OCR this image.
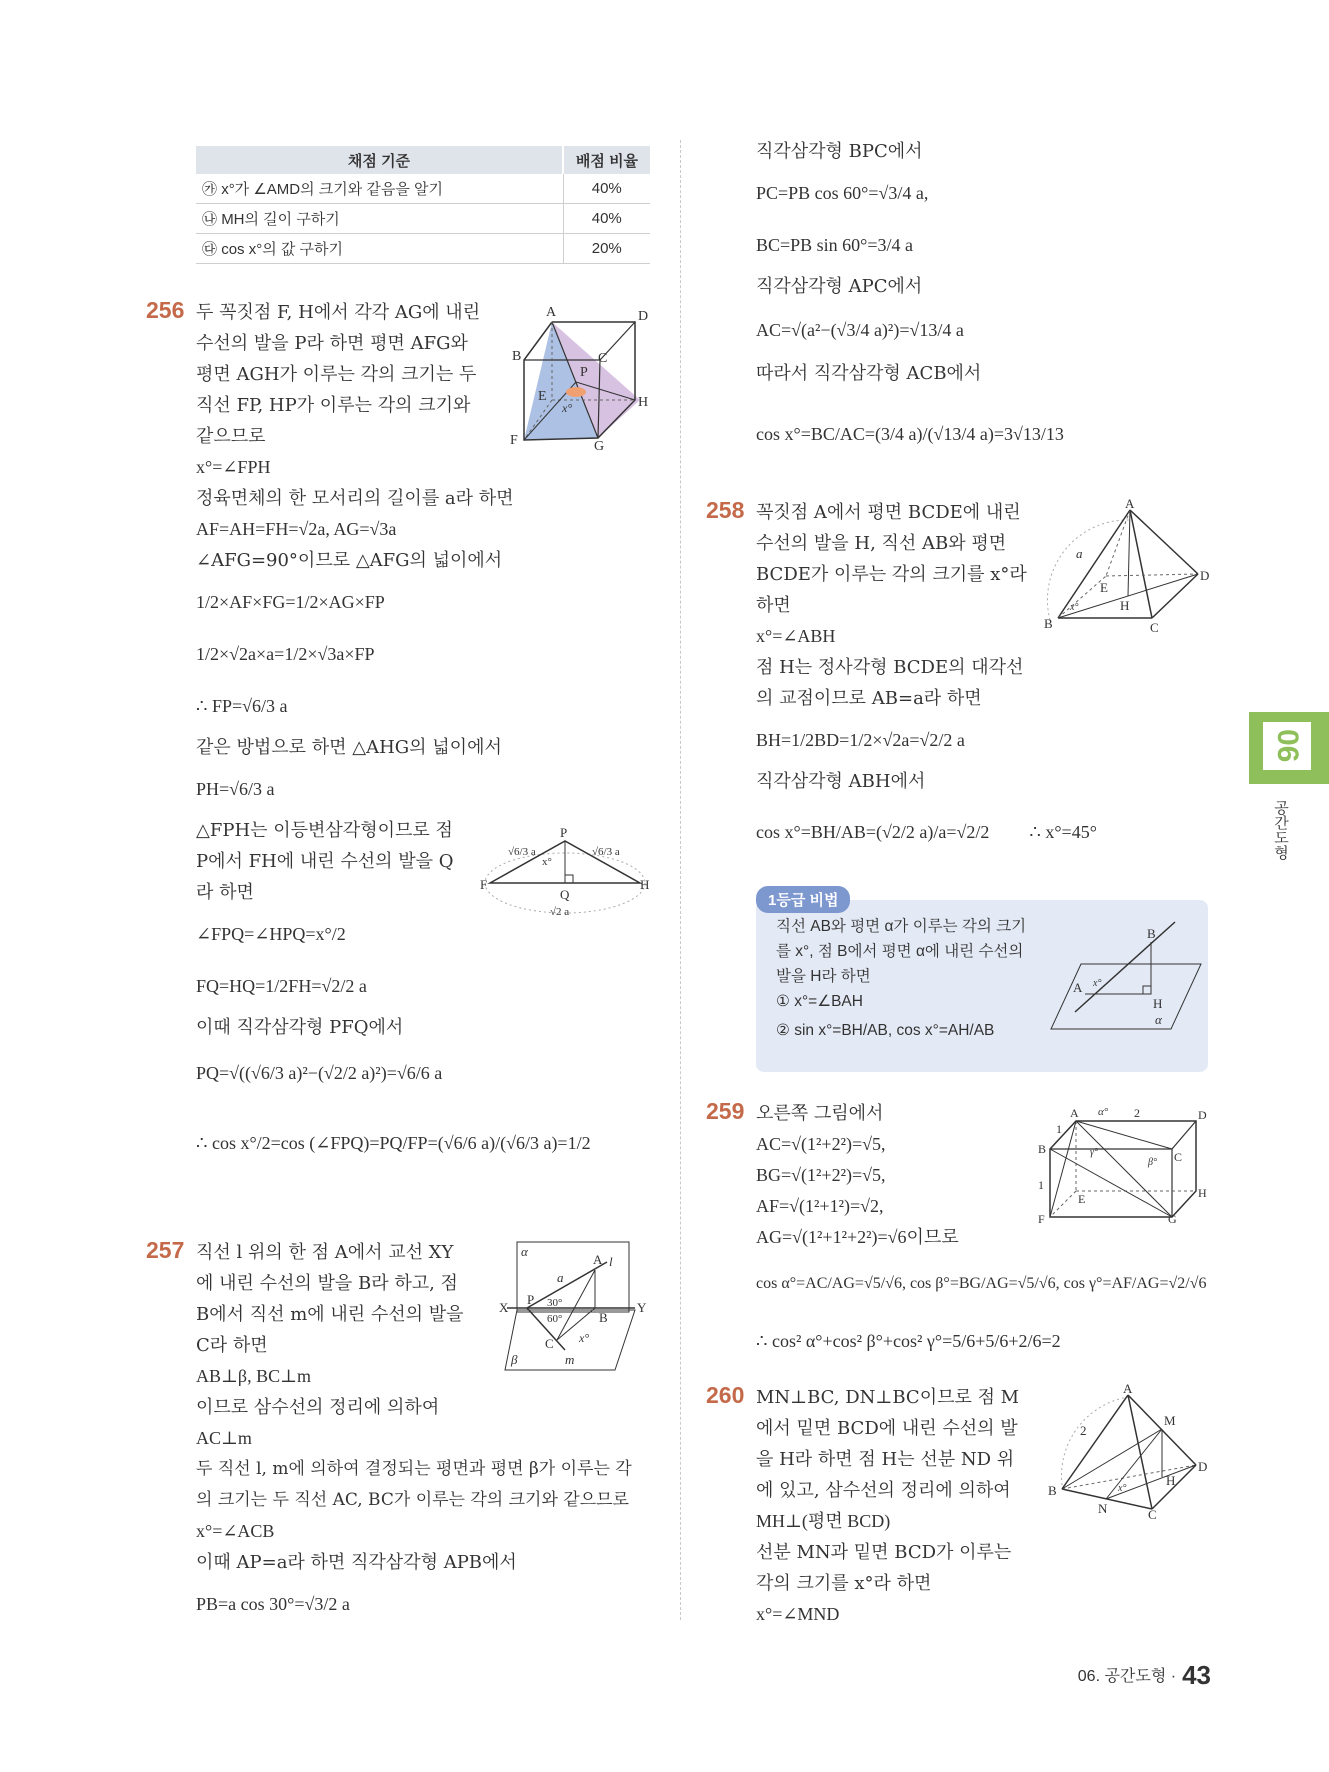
채점 기준	배점 비율
㉮ x°가 ∠AMD의 크기와 같음을 알기	40%
㉯ MH의 길이 구하기	40%
㉰ cos x°의 값 구하기	20%
256 두 꼭짓점 F, H에서 각각 AG에 내린
수선의 발을 P라 하면 평면 AFG와
평면 AGH가 이루는 각의 크기는 두
직선 FP, HP가 이루는 각의 크기와
같으므로
x°=∠FPH
정육면체의 한 모서리의 길이를 a라 하면
AF=AH=FH=√2a, AG=√3a
∠AFG=90°이므로 △AFG의 넓이에서
1/2×AF×FG=1/2×AG×FP
1/2×√2a×a=1/2×√3a×FP
∴ FP=√6/3 a
같은 방법으로 하면 △AHG의 넓이에서
PH=√6/3 a
△FPH는 이등변삼각형이므로 점
P에서 FH에 내린 수선의 발을 Q
라 하면
∠FPQ=∠HPQ=x°/2
FQ=HQ=1/2FH=√2/2 a
이때 직각삼각형 PFQ에서
PQ=√((√6/3 a)²−(√2/2 a)²)=√6/6 a
∴ cos x°/2=cos (∠FPQ)=PQ/FP=(√6/6 a)/(√6/3 a)=1/2
A	D
B	C
P
E	H
F	G
x°
P
F	H
Q
x°
√6/3 a	√6/3 a
√2 a
257 직선 l 위의 한 점 A에서 교선 XY
에 내린 수선의 발을 B라 하고, 점
B에서 직선 m에 내린 수선의 발을
C라 하면
AB⊥β, BC⊥m
이므로 삼수선의 정리에 의하여
AC⊥m
두 직선 l, m에 의하여 결정되는 평면과 평면 β가 이루는 각
의 크기는 두 직선 AC, BC가 이루는 각의 크기와 같으므로
x°=∠ACB
이때 AP=a라 하면 직각삼각형 APB에서
PB=a cos 30°=√3/2 a
α
A l
a
X
P 30°
60°	B
Y
C x°
m
β
직각삼각형 BPC에서
PC=PB cos 60°=√3/4 a,
BC=PB sin 60°=3/4 a
직각삼각형 APC에서
AC=√(a²−(√3/4 a)²)=√13/4 a
따라서 직각삼각형 ACB에서
cos x°=BC/AC=(3/4 a)/(√13/4 a)=3√13/13
258 꼭짓점 A에서 평면 BCDE에 내린
수선의 발을 H, 직선 AB와 평면
BCDE가 이루는 각의 크기를 x°라
하면
x°=∠ABH
점 H는 정사각형 BCDE의 대각선
의 교점이므로 AB=a라 하면
BH=1/2BD=1/2×√2a=√2/2 a
직각삼각형 ABH에서
cos x°=BH/AB=(√2/2 a)/a=√2/2 ∴ x°=45°
A
a
E
D
x°	H
B	C
1등급 비법
직선 AB와 평면 α가 이루는 각의 크기
를 x°, 점 B에서 평면 α에 내린 수선의
발을 H라 하면
① x°=∠BAH
② sin x°=BH/AB, cos x°=AH/AB
B
A x°
H
α
259 오른쪽 그림에서
AC=√(1²+2²)=√5,
BG=√(1²+2²)=√5,
AF=√(1²+1²)=√2,
AG=√(1²+1²+2²)=√6이므로
cos α°=AC/AG=√5/√6, cos β°=BG/AG=√5/√6, cos γ°=AF/AG=√2/√6
∴ cos² α°+cos² β°+cos² γ°=5/6+5/6+2/6=2
A α° 2	D
1
B
C
γ°
β°
1
E	H
F	G
260 MN⊥BC, DN⊥BC이므로 점 M
에서 밑면 BCD에 내린 수선의 발
을 H라 하면 점 H는 선분 ND 위
에 있고, 삼수선의 정리에 의하여
MH⊥(평면 BCD)
선분 MN과 밑면 BCD가 이루는
각의 크기를 x°라 하면
x°=∠MND
A
2
M
D
B	x°
H
N	C
06
공간도형
06. 공간도형 · 43
